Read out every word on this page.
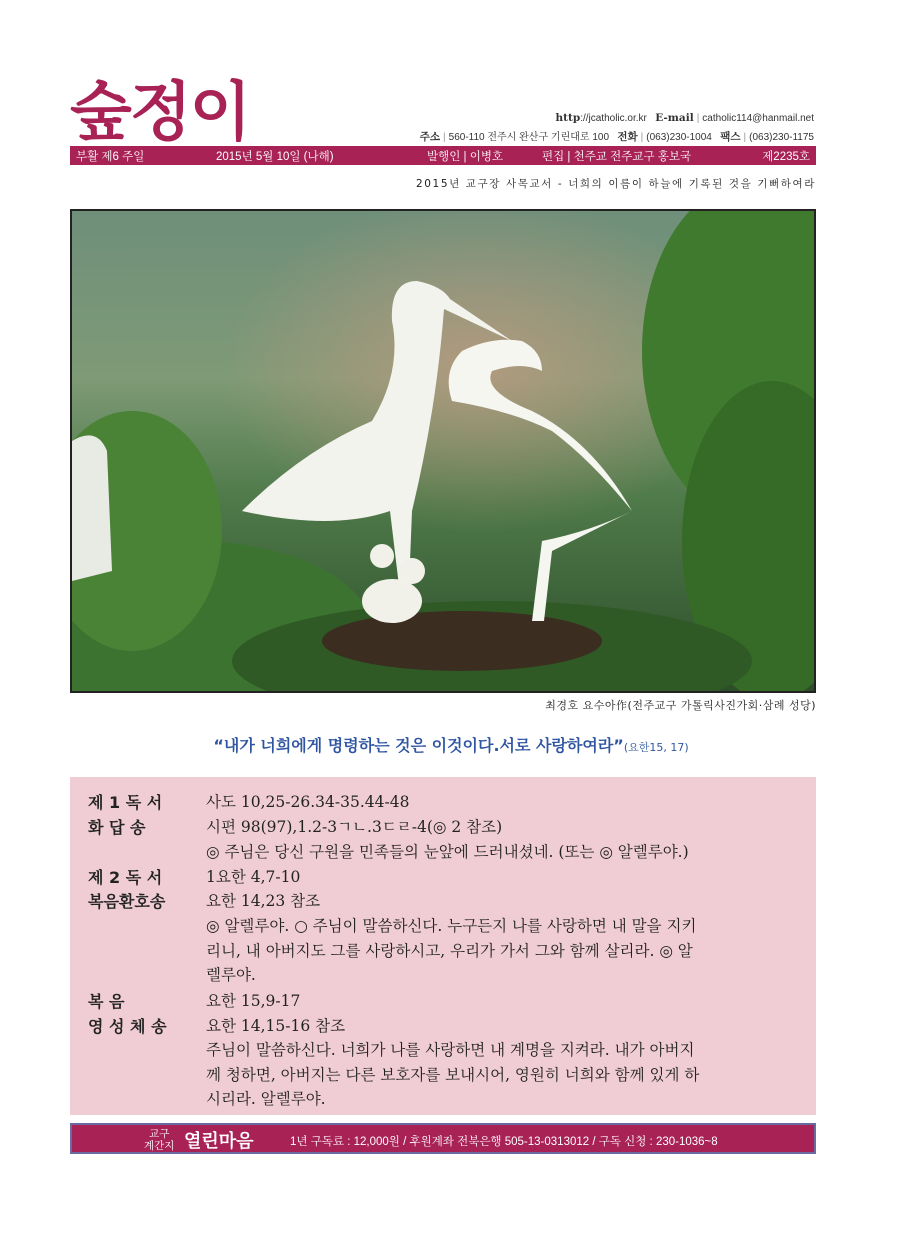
숲정이	http://jcatholic.or.kr E-mail | catholic114@hanmail.net
주소 | 560-110 전주시 완산구 기린대로 100 전화 | (063)230-1004 팩스 | (063)230-1175
부활 제6 주일	2015년 5월 10일 (나해)	발행인 | 이병호	편집 | 천주교 전주교구 홍보국	제2235호
2015년 교구장 사목교서 - 너희의 이름이 하늘에 기록된 것을 기뻐하여라
최경호 요수아作(전주교구 가톨릭사진가회·삼례 성당)
“내가 너희에게 명령하는 것은 이것이다.서로 사랑하여라”(요한15, 17)
제 1 독 서	사도 10,25-26.34-35.44-48
화 답 송	시편 98(97),1.2-3ㄱㄴ.3ㄷㄹ-4(◎ 2 참조)
◎ 주님은 당신 구원을 민족들의 눈앞에 드러내셨네. (또는 ◎ 알렐루야.)
제 2 독 서	1요한 4,7-10
복음환호송	요한 14,23 참조
◎ 알렐루야. ○ 주님이 말씀하신다. 누구든지 나를 사랑하면 내 말을 지키
리니, 내 아버지도 그를 사랑하시고, 우리가 가서 그와 함께 살리라. ◎ 알
렐루야.
복 음	요한 15,9-17
영 성 체 송	요한 14,15-16 참조
주님이 말씀하신다. 너희가 나를 사랑하면 내 계명을 지켜라. 내가 아버지
께 청하면, 아버지는 다른 보호자를 보내시어, 영원히 너희와 함께 있게 하
시리라. 알렐루야.
교구
계간지 열린마음	1년 구독료 : 12,000원 / 후원계좌 전북은행 505-13-0313012 / 구독 신청 : 230-1036~8
